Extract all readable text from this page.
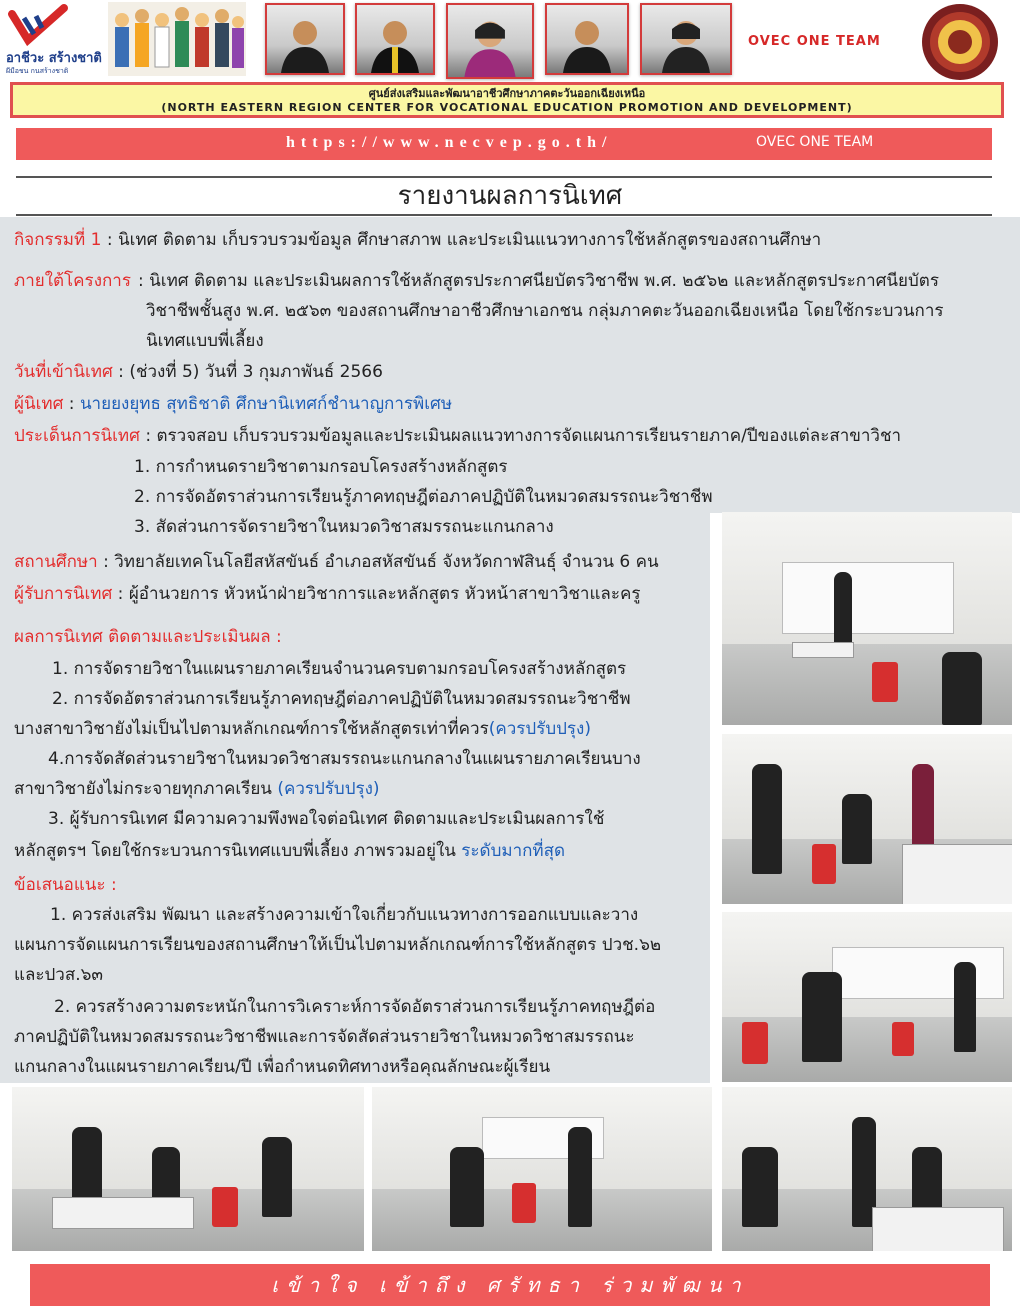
อาชีวะ สร้างชาติ
ผีมือชน กนสร้างชาติ
OVEC ONE TEAM
ศูนย์ส่งเสริมและพัฒนาอาชีวศึกษาภาคตะวันออกเฉียงเหนือ
(NORTH EASTERN REGION CENTER FOR VOCATIONAL EDUCATION PROMOTION AND DEVELOPMENT)
https://www.necvep.go.th/	OVEC ONE TEAM
รายงานผลการนิเทศ
กิจกรรมที่ 1 : นิเทศ ติดตาม เก็บรวบรวมข้อมูล ศึกษาสภาพ และประเมินแนวทางการใช้หลักสูตรของสถานศึกษา
ภายใต้โครงการ : นิเทศ ติดตาม และประเมินผลการใช้หลักสูตรประกาศนียบัตรวิชาชีพ พ.ศ. ๒๕๖๒ และหลักสูตรประกาศนียบัตร
วิชาชีพชั้นสูง พ.ศ. ๒๕๖๓ ของสถานศึกษาอาชีวศึกษาเอกชน กลุ่มภาคตะวันออกเฉียงเหนือ โดยใช้กระบวนการ
นิเทศแบบพี่เลี้ยง
วันที่เข้านิเทศ : (ช่วงที่ 5) วันที่ 3 กุมภาพันธ์ 2566
ผู้นิเทศ : นายยงยุทธ สุทธิชาติ ศึกษานิเทศก์ชำนาญการพิเศษ
ประเด็นการนิเทศ : ตรวจสอบ เก็บรวบรวมข้อมูลและประเมินผลแนวทางการจัดแผนการเรียนรายภาค/ปีของแต่ละสาขาวิชา
1. การกำหนดรายวิชาตามกรอบโครงสร้างหลักสูตร
2. การจัดอัตราส่วนการเรียนรู้ภาคทฤษฎีต่อภาคปฏิบัติในหมวดสมรรถนะวิชาชีพ
3. สัดส่วนการจัดรายวิชาในหมวดวิชาสมรรถนะแกนกลาง
สถานศึกษา : วิทยาลัยเทคโนโลยีสหัสขันธ์ อำเภอสหัสขันธ์ จังหวัดกาฬสินธุ์ จำนวน 6 คน
ผู้รับการนิเทศ : ผู้อำนวยการ หัวหน้าฝ่ายวิชาการและหลักสูตร หัวหน้าสาขาวิชาและครู
ผลการนิเทศ ติดตามและประเมินผล :
1. การจัดรายวิชาในแผนรายภาคเรียนจำนวนครบตามกรอบโครงสร้างหลักสูตร
2. การจัดอัตราส่วนการเรียนรู้ภาคทฤษฎีต่อภาคปฏิบัติในหมวดสมรรถนะวิชาชีพ
บางสาขาวิชายังไม่เป็นไปตามหลักเกณฑ์การใช้หลักสูตรเท่าที่ควร(ควรปรับปรุง)
4.การจัดสัดส่วนรายวิชาในหมวดวิชาสมรรถนะแกนกลางในแผนรายภาคเรียนบาง
สาขาวิชายังไม่กระจายทุกภาคเรียน (ควรปรับปรุง)
3. ผู้รับการนิเทศ มีความความพึงพอใจต่อนิเทศ ติดตามและประเมินผลการใช้
หลักสูตรฯ โดยใช้กระบวนการนิเทศแบบพี่เลี้ยง ภาพรวมอยู่ใน ระดับมากที่สุด
ข้อเสนอแนะ :
1. ควรส่งเสริม พัฒนา และสร้างความเข้าใจเกี่ยวกับแนวทางการออกแบบและวาง
แผนการจัดแผนการเรียนของสถานศึกษาให้เป็นไปตามหลักเกณฑ์การใช้หลักสูตร ปวช.๖๒
และปวส.๖๓
2. ควรสร้างความตระหนักในการวิเคราะห์การจัดอัตราส่วนการเรียนรู้ภาคทฤษฎีต่อ
ภาคปฏิบัติในหมวดสมรรถนะวิชาชีพและการจัดสัดส่วนรายวิชาในหมวดวิชาสมรรถนะ
แกนกลางในแผนรายภาคเรียน/ปี เพื่อกำหนดทิศทางหรือคุณลักษณะผู้เรียน
เข้าใจ เข้าถึง ศรัทธา ร่วมพัฒนา
